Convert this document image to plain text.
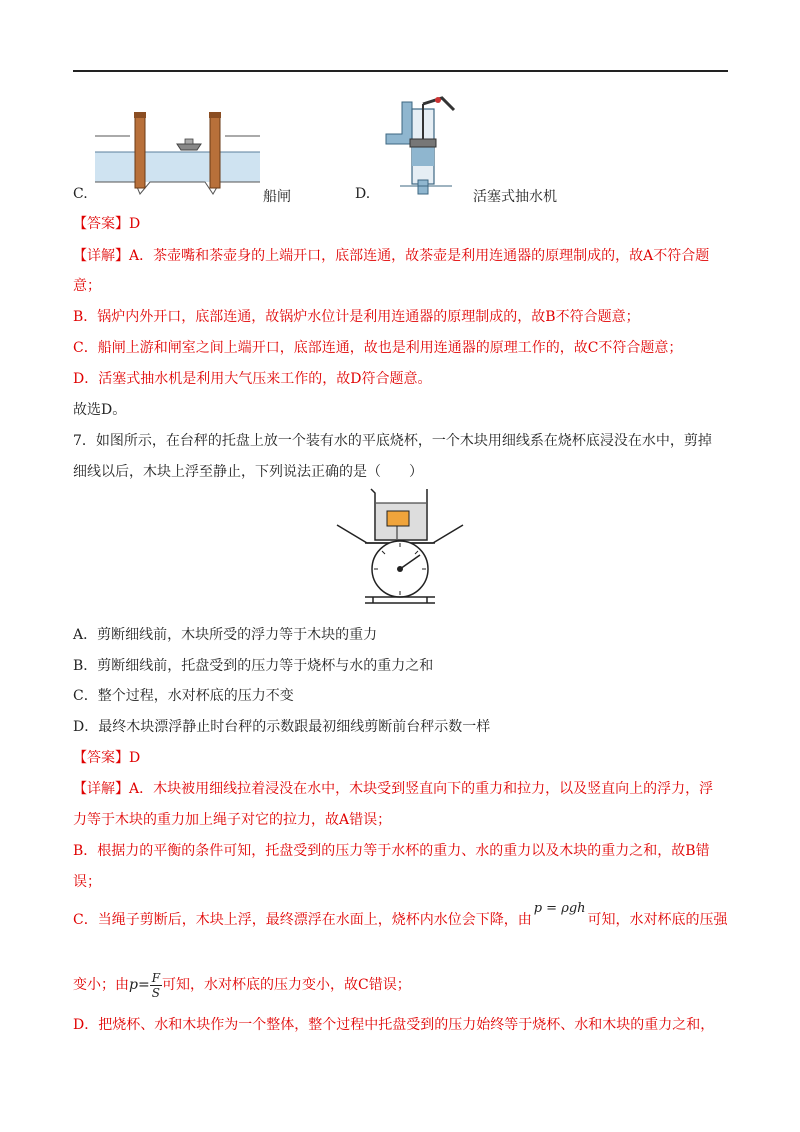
C.	船闸	D.	活塞式抽水机
【答案】D
【详解】A．茶壶嘴和茶壶身的上端开口，底部连通，故茶壶是利用连通器的原理制成的，故A不符合题
意；
B．锅炉内外开口，底部连通，故锅炉水位计是利用连通器的原理制成的，故B不符合题意；
C．船闸上游和闸室之间上端开口，底部连通，故也是利用连通器的原理工作的，故C不符合题意；
D．活塞式抽水机是利用大气压来工作的，故D符合题意。
故选D。
7．如图所示，在台秤的托盘上放一个装有水的平底烧杯，一个木块用细线系在烧杯底浸没在水中，剪掉
细线以后，木块上浮至静止，下列说法正确的是（　　）
A．剪断细线前，木块所受的浮力等于木块的重力
B．剪断细线前，托盘受到的压力等于烧杯与水的重力之和
C．整个过程，水对杯底的压力不变
D．最终木块漂浮静止时台秤的示数跟最初细线剪断前台秤示数一样
【答案】D
【详解】A．木块被用细线拉着浸没在水中，木块受到竖直向下的重力和拉力，以及竖直向上的浮力，浮
力等于木块的重力加上绳子对它的拉力，故A错误；
B．根据力的平衡的条件可知，托盘受到的压力等于水杯的重力、水的重力以及木块的重力之和，故B错
误；
C．当绳子剪断后，木块上浮，最终漂浮在水面上，烧杯内水位会下降，由p = ρgh可知，水对杯底的压强
变小；由$p= \frac{F}{S}$ 可知，水对杯底的压力变小，故C错误；
D．把烧杯、水和木块作为一个整体，整个过程中托盘受到的压力始终等于烧杯、水和木块的重力之和，
